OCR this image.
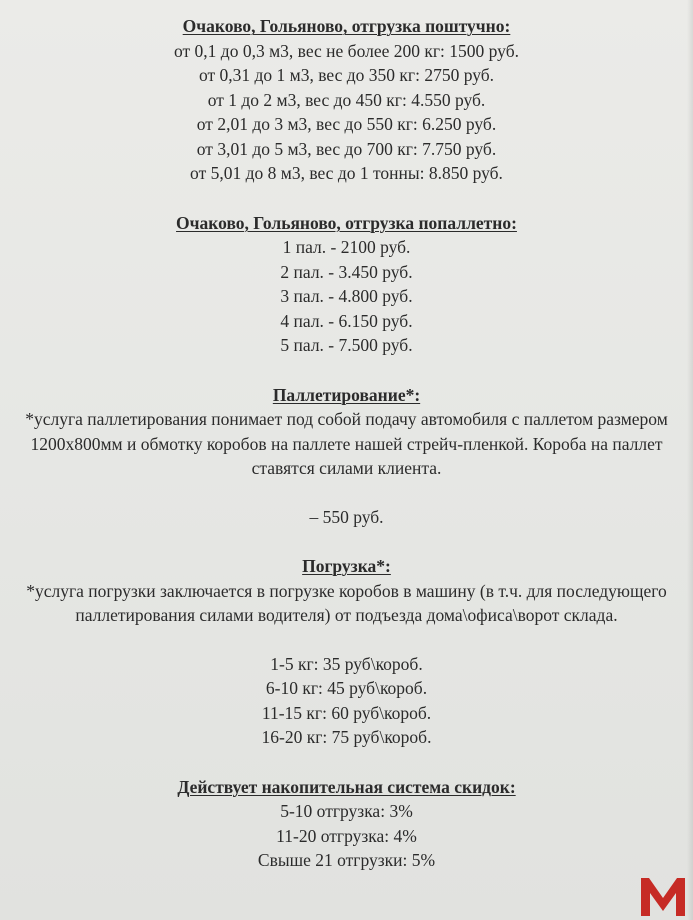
Очаково, Гольяново, отгрузка поштучно:
от 0,1 до 0,3 м3, вес не более 200 кг: 1500 руб.
от 0,31 до 1 м3, вес до 350 кг: 2750 руб.
от 1 до 2 м3, вес до 450 кг: 4.550 руб.
от 2,01 до 3 м3, вес до 550 кг: 6.250 руб.
от 3,01 до 5 м3, вес до 700 кг: 7.750 руб.
от 5,01 до 8 м3, вес до 1 тонны: 8.850 руб.
Очаково, Гольяново, отгрузка попаллетно:
1 пал. - 2100 руб.
2 пал. - 3.450 руб.
3 пал. - 4.800 руб.
4 пал. - 6.150 руб.
5 пал. - 7.500 руб.
Паллетирование*:
*услуга паллетирования понимает под собой подачу автомобиля с паллетом размером 1200х800мм и обмотку коробов на паллете нашей стрейч-пленкой. Короба на паллет ставятся силами клиента.
– 550 руб.
Погрузка*:
*услуга погрузки заключается в погрузке коробов в машину (в т.ч. для последующего паллетирования силами водителя) от подъезда дома\офиса\ворот склада.
1-5 кг: 35 руб\короб.
6-10 кг: 45 руб\короб.
11-15 кг: 60 руб\короб.
16-20 кг: 75 руб\короб.
Действует накопительная система скидок:
5-10 отгрузка: 3%
11-20 отгрузка: 4%
Свыше 21 отгрузки: 5%
